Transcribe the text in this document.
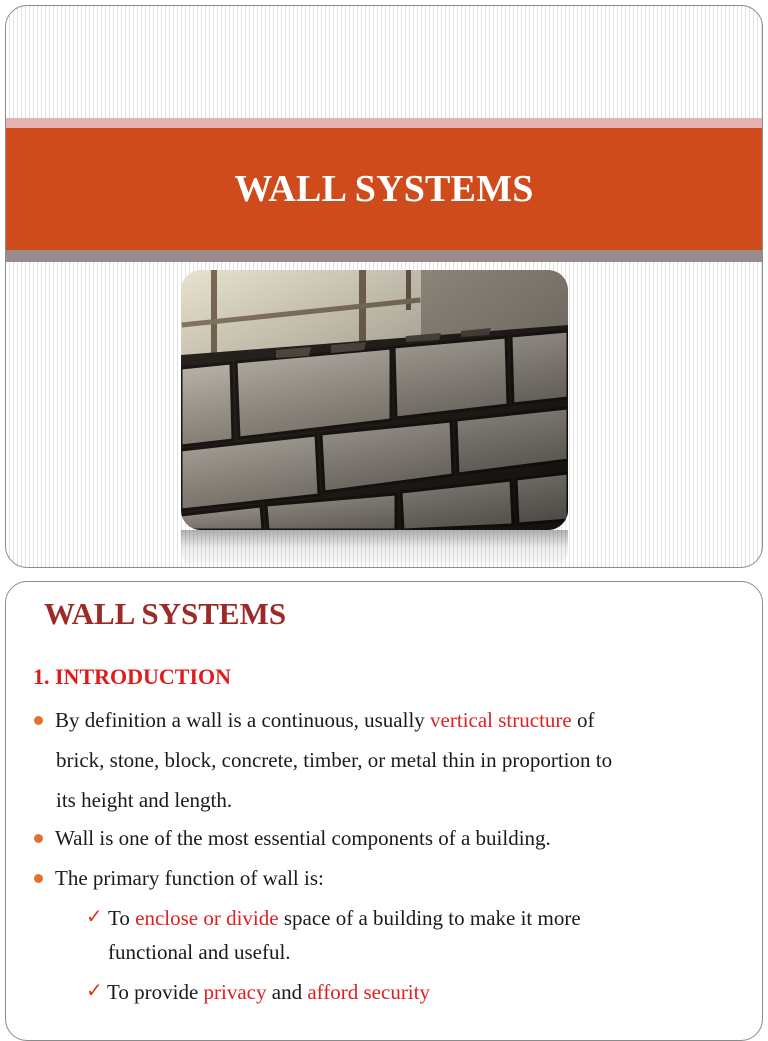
WALL SYSTEMS
WALL SYSTEMS
1. INTRODUCTION
By definition a wall is a continuous, usually vertical structure of
brick, stone, block, concrete, timber, or metal thin in proportion to
its height and length.
Wall is one of the most essential components of a building.
The primary function of wall is:
✓ To enclose or divide space of a building to make it more
functional and useful.
✓ To provide privacy and afford security
